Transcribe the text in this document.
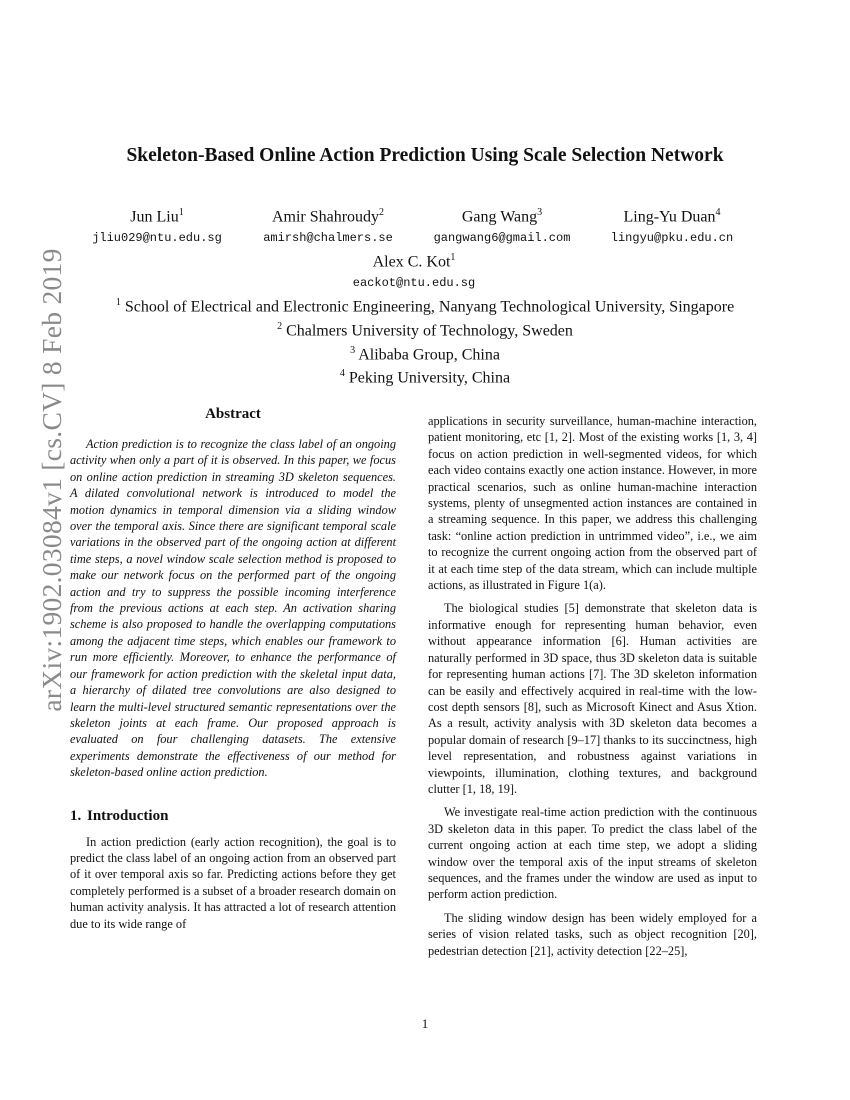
arXiv:1902.03084v1 [cs.CV] 8 Feb 2019
Skeleton-Based Online Action Prediction Using Scale Selection Network
Jun Liu$^1$
jliu029@ntu.edu.sg
Amir Shahroudy$^2$
amirsh@chalmers.se
Gang Wang$^3$
gangwang6@gmail.com
Ling-Yu Duan$^4$
lingyu@pku.edu.cn
Alex C. Kot$^1$
eackot@ntu.edu.sg
$^1$ School of Electrical and Electronic Engineering, Nanyang Technological University, Singapore
$^2$ Chalmers University of Technology, Sweden
$^3$ Alibaba Group, China
$^4$ Peking University, China
Abstract

Action prediction is to recognize the class label of an ongoing activity when only a part of it is observed. In this paper, we focus on online action prediction in streaming 3D skeleton sequences. A dilated convolutional network is introduced to model the motion dynamics in temporal dimension via a sliding window over the temporal axis. Since there are significant temporal scale variations in the observed part of the ongoing action at different time steps, a novel window scale selection method is proposed to make our network focus on the performed part of the ongoing action and try to suppress the possible incoming interference from the previous actions at each step. An activation sharing scheme is also proposed to handle the overlapping computations among the adjacent time steps, which enables our framework to run more efficiently. Moreover, to enhance the performance of our framework for action prediction with the skeletal input data, a hierarchy of dilated tree convolutions are also designed to learn the multi-level structured semantic representations over the skeleton joints at each frame. Our proposed approach is evaluated on four challenging datasets. The extensive experiments demonstrate the effectiveness of our method for skeleton-based online action prediction.

1. Introduction

In action prediction (early action recognition), the goal is to predict the class label of an ongoing action from an observed part of it over temporal axis so far. Predicting actions before they get completely performed is a subset of a broader research domain on human activity analysis. It has attracted a lot of research attention due to its wide range of

applications in security surveillance, human-machine interaction, patient monitoring, etc [1, 2]. Most of the existing works [1, 3, 4] focus on action prediction in well-segmented videos, for which each video contains exactly one action instance. However, in more practical scenarios, such as online human-machine interaction systems, plenty of unsegmented action instances are contained in a streaming sequence. In this paper, we address this challenging task: “online action prediction in untrimmed video”, i.e., we aim to recognize the current ongoing action from the observed part of it at each time step of the data stream, which can include multiple actions, as illustrated in Figure 1(a).

The biological studies [5] demonstrate that skeleton data is informative enough for representing human behavior, even without appearance information [6]. Human activities are naturally performed in 3D space, thus 3D skeleton data is suitable for representing human actions [7]. The 3D skeleton information can be easily and effectively acquired in real-time with the low-cost depth sensors [8], such as Microsoft Kinect and Asus Xtion. As a result, activity analysis with 3D skeleton data becomes a popular domain of research [9–17] thanks to its succinctness, high level representation, and robustness against variations in viewpoints, illumination, clothing textures, and background clutter [1, 18, 19].

We investigate real-time action prediction with the continuous 3D skeleton data in this paper. To predict the class label of the current ongoing action at each time step, we adopt a sliding window over the temporal axis of the input streams of skeleton sequences, and the frames under the window are used as input to perform action prediction.

The sliding window design has been widely employed for a series of vision related tasks, such as object recognition [20], pedestrian detection [21], activity detection [22–25],

1
